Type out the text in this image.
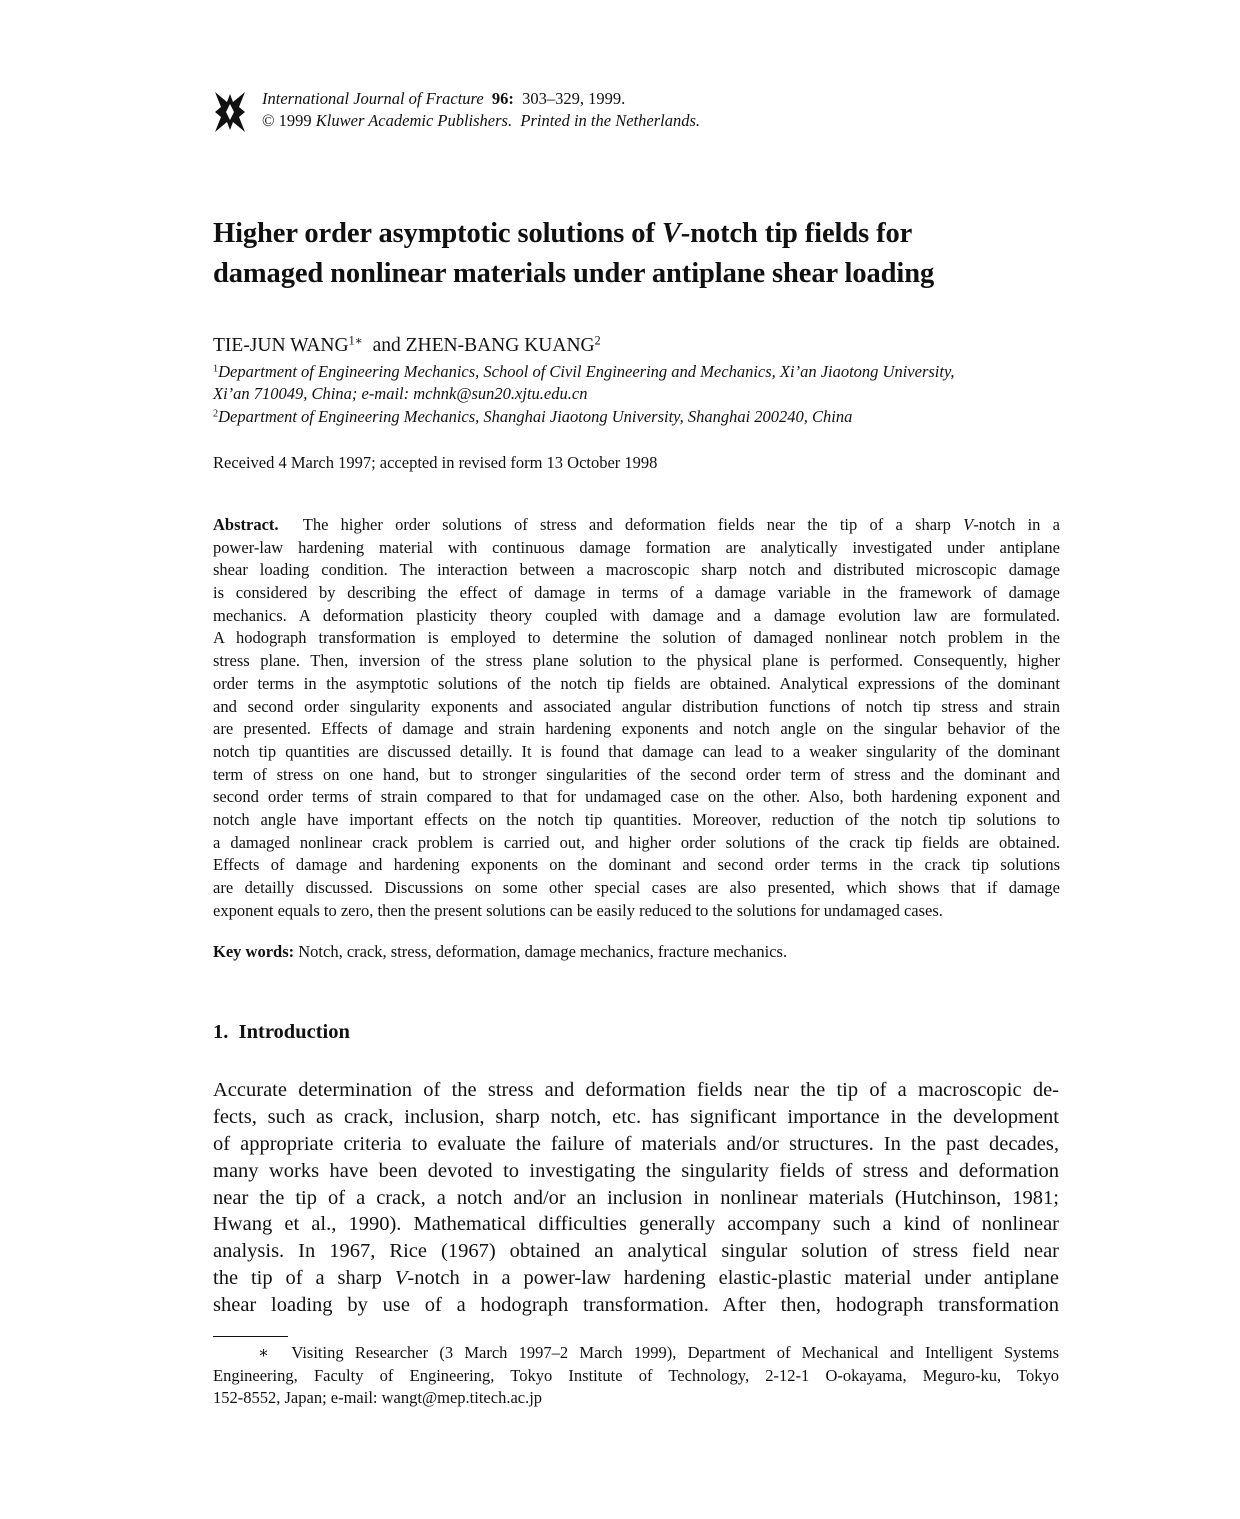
International Journal of Fracture 96: 303–329, 1999.
© 1999 Kluwer Academic Publishers. Printed in the Netherlands.
Higher order asymptotic solutions of V-notch tip fields for
damaged nonlinear materials under antiplane shear loading
TIE-JUN $WANG^{1∗}$ and ZHEN-BANG KUANG$^2$
$^1$Department of Engineering Mechanics, School of Civil Engineering and Mechanics, Xi’an Jiaotong University,
Xi’an 710049, China; e-mail: mchnk@sun20.xjtu.edu.cn
$^2$Department of Engineering Mechanics, Shanghai Jiaotong University, Shanghai 200240, China
Received 4 March 1997; accepted in revised form 13 October 1998
Abstract. The higher order solutions of stress and deformation fields near the tip of a sharp V-notch in a
power-law hardening material with continuous damage formation are analytically investigated under antiplane
shear loading condition. The interaction between a macroscopic sharp notch and distributed microscopic damage
is considered by describing the effect of damage in terms of a damage variable in the framework of damage
mechanics. A deformation plasticity theory coupled with damage and a damage evolution law are formulated.
A hodograph transformation is employed to determine the solution of damaged nonlinear notch problem in the
stress plane. Then, inversion of the stress plane solution to the physical plane is performed. Consequently, higher
order terms in the asymptotic solutions of the notch tip fields are obtained. Analytical expressions of the dominant
and second order singularity exponents and associated angular distribution functions of notch tip stress and strain
are presented. Effects of damage and strain hardening exponents and notch angle on the singular behavior of the
notch tip quantities are discussed detailly. It is found that damage can lead to a weaker singularity of the dominant
term of stress on one hand, but to stronger singularities of the second order term of stress and the dominant and
second order terms of strain compared to that for undamaged case on the other. Also, both hardening exponent and
notch angle have important effects on the notch tip quantities. Moreover, reduction of the notch tip solutions to
a damaged nonlinear crack problem is carried out, and higher order solutions of the crack tip fields are obtained.
Effects of damage and hardening exponents on the dominant and second order terms in the crack tip solutions
are detailly discussed. Discussions on some other special cases are also presented, which shows that if damage
exponent equals to zero, then the present solutions can be easily reduced to the solutions for undamaged cases.
Key words: Notch, crack, stress, deformation, damage mechanics, fracture mechanics.
1. Introduction
Accurate determination of the stress and deformation fields near the tip of a macroscopic de-
fects, such as crack, inclusion, sharp notch, etc. has significant importance in the development
of appropriate criteria to evaluate the failure of materials and/or structures. In the past decades,
many works have been devoted to investigating the singularity fields of stress and deformation
near the tip of a crack, a notch and/or an inclusion in nonlinear materials (Hutchinson, 1981;
Hwang et al., 1990). Mathematical difficulties generally accompany such a kind of nonlinear
analysis. In 1967, Rice (1967) obtained an analytical singular solution of stress field near
the tip of a sharp V-notch in a power-law hardening elastic-plastic material under antiplane
shear loading by use of a hodograph transformation. After then, hodograph transformation
∗ Visiting Researcher (3 March 1997–2 March 1999), Department of Mechanical and Intelligent Systems
Engineering, Faculty of Engineering, Tokyo Institute of Technology, 2-12-1 O-okayama, Meguro-ku, Tokyo
152-8552, Japan; e-mail: wangt@mep.titech.ac.jp
